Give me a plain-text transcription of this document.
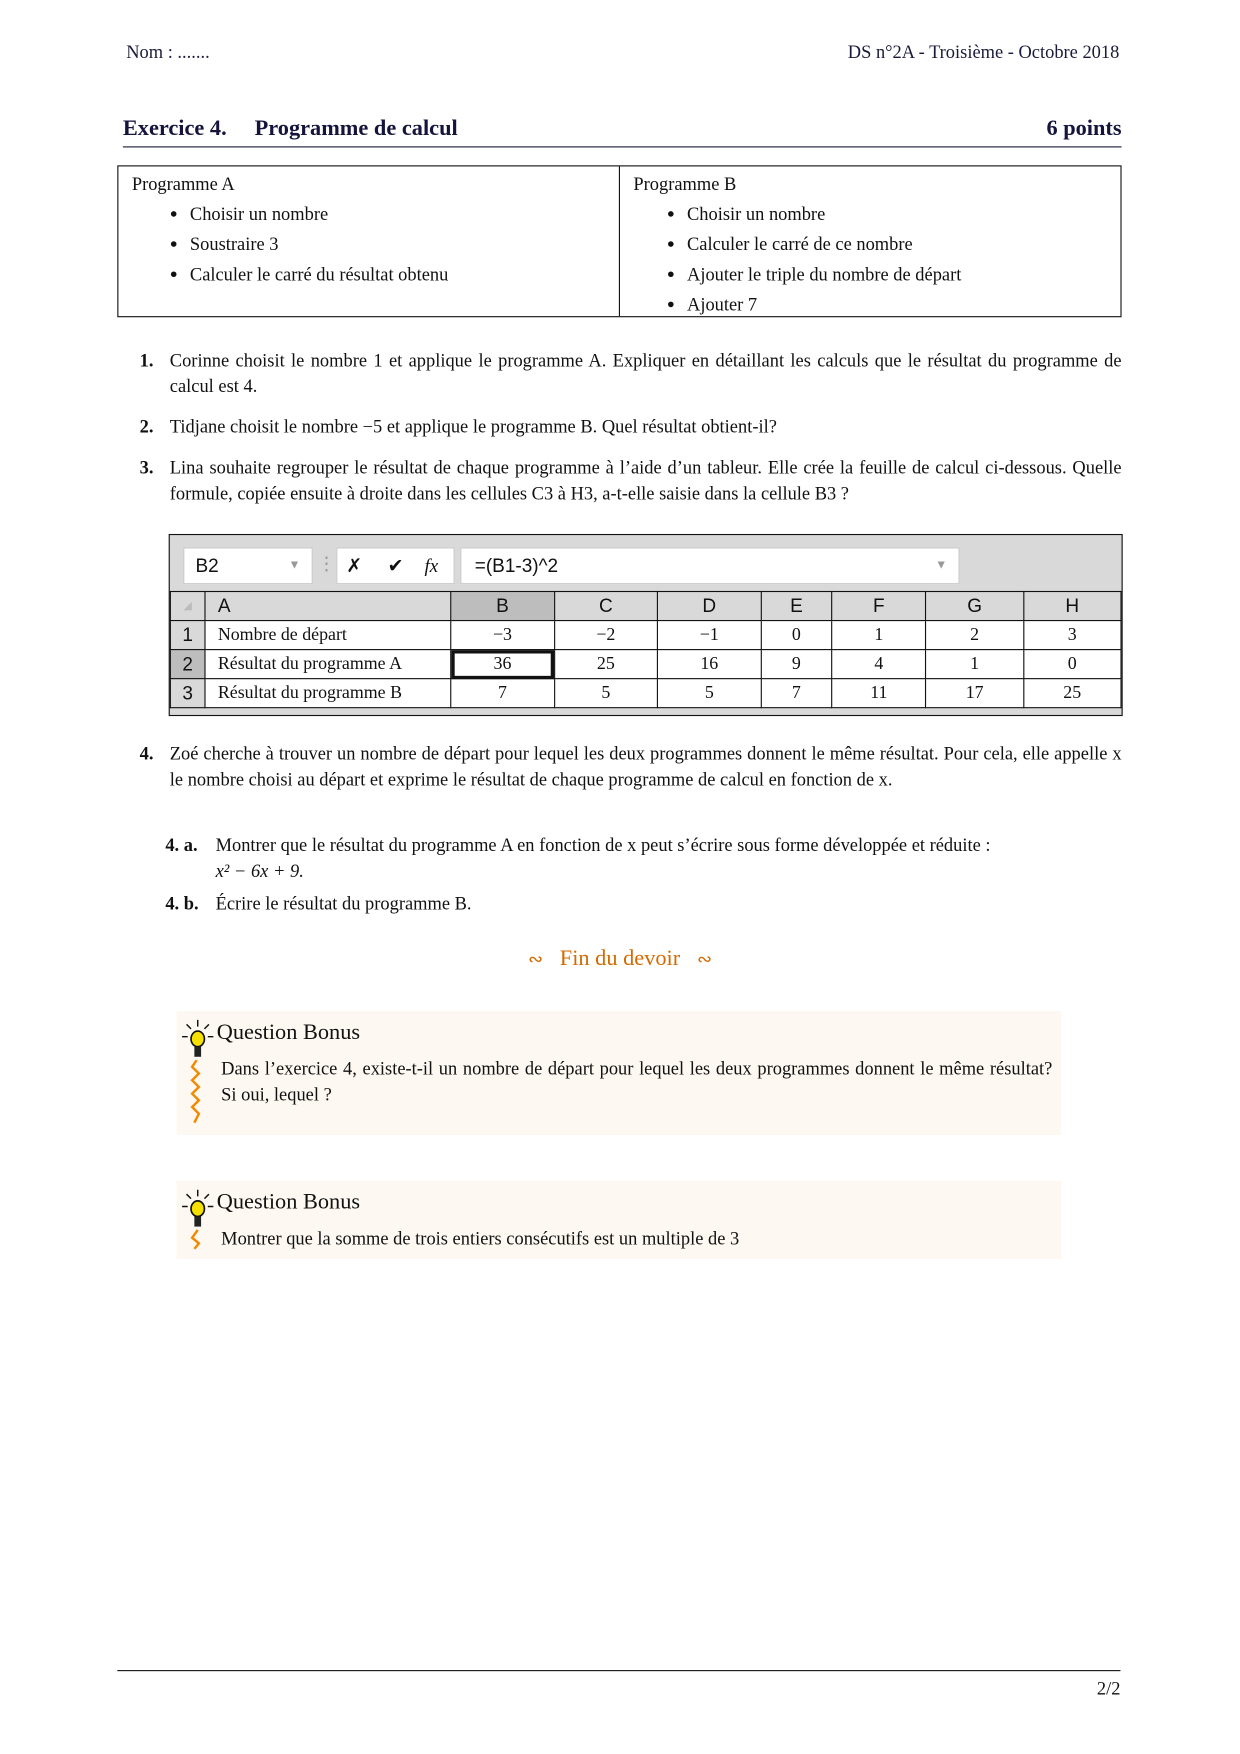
Nom : .......	DS n°2A - Troisième - Octobre 2018
Exercice 4. Programme de calcul	6 points
Programme A
• Choisir un nombre
• Soustraire 3
• Calculer le carré du résultat obtenu
Programme B
• Choisir un nombre
• Calculer le carré de ce nombre
• Ajouter le triple du nombre de départ
• Ajouter 7
1. Corinne choisit le nombre 1 et applique le programme A. Expliquer en détaillant les calculs que le résultat du programme de calcul est 4.
2. Tidjane choisit le nombre −5 et applique le programme B. Quel résultat obtient-il?
3. Lina souhaite regrouper le résultat de chaque programme à l’aide d’un tableur. Elle crée la feuille de calcul ci-dessous. Quelle formule, copiée ensuite à droite dans les cellules C3 à H3, a-t-elle saisie dans la cellule B3 ?
B2	▼ ⋮ ✗ ✔ fx	=(B1-3)^2	▼
◢	A	B	C	D	E	F	G	H
1	Nombre de départ	−3	−2	−1	0	1	2	3
2	Résultat du programme A	36	25	16	9	4	1	0
3	Résultat du programme B	7	5	5	7	11	17	25
4. Zoé cherche à trouver un nombre de départ pour lequel les deux programmes donnent le même résultat. Pour cela, elle appelle x le nombre choisi au départ et exprime le résultat de chaque programme de calcul en fonction de x.
4. a. Montrer que le résultat du programme A en fonction de x peut s’écrire sous forme développée et réduite :
x² − 6x + 9.
4. b. Écrire le résultat du programme B.
∾ Fin du devoir ∾
Question Bonus
Dans l’exercice 4, existe-t-il un nombre de départ pour lequel les deux programmes donnent le même résultat? Si oui, lequel ?
Question Bonus
Montrer que la somme de trois entiers consécutifs est un multiple de 3
2/2
